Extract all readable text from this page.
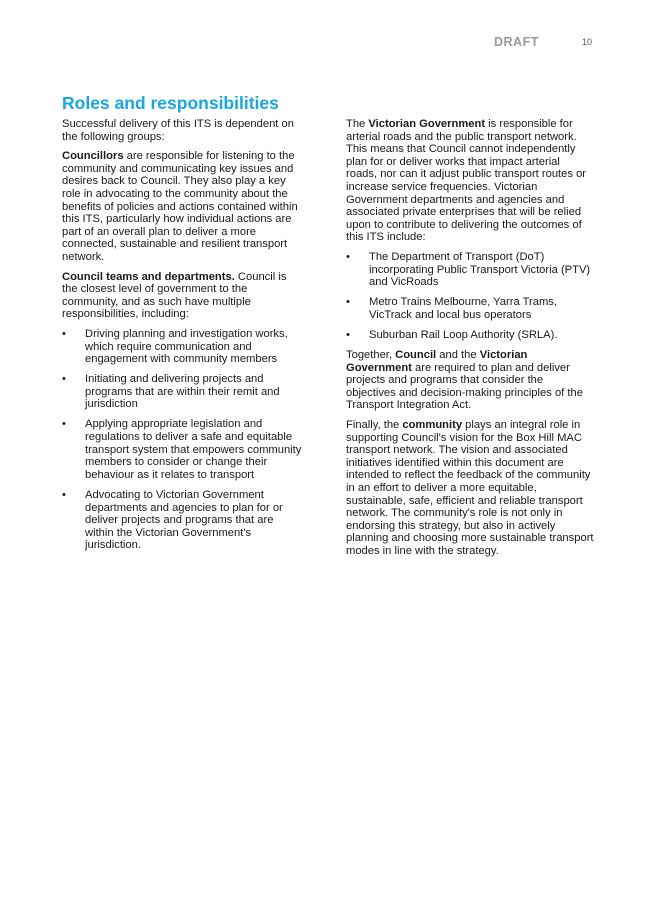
DRAFT	10
Roles and responsibilities

Successful delivery of this ITS is dependent on the following groups:

Councillors are responsible for listening to the community and communicating key issues and desires back to Council. They also play a key role in advocating to the community about the benefits of policies and actions contained within this ITS, particularly how individual actions are part of an overall plan to deliver a more connected, sustainable and resilient transport network.

Council teams and departments. Council is the closest level of government to the community, and as such have multiple responsibilities, including:

• Driving planning and investigation works, which require communication and engagement with community members
• Initiating and delivering projects and programs that are within their remit and jurisdiction
• Applying appropriate legislation and regulations to deliver a safe and equitable transport system that empowers community members to consider or change their behaviour as it relates to transport
• Advocating to Victorian Government departments and agencies to plan for or deliver projects and programs that are within the Victorian Government's jurisdiction.

The Victorian Government is responsible for arterial roads and the public transport network. This means that Council cannot independently plan for or deliver works that impact arterial roads, nor can it adjust public transport routes or increase service frequencies. Victorian Government departments and agencies and associated private enterprises that will be relied upon to contribute to delivering the outcomes of this ITS include:

• The Department of Transport (DoT) incorporating Public Transport Victoria (PTV) and VicRoads
• Metro Trains Melbourne, Yarra Trams, VicTrack and local bus operators
• Suburban Rail Loop Authority (SRLA).

Together, Council and the Victorian Government are required to plan and deliver projects and programs that consider the objectives and decision-making principles of the Transport Integration Act.

Finally, the community plays an integral role in supporting Council's vision for the Box Hill MAC transport network. The vision and associated initiatives identified within this document are intended to reflect the feedback of the community in an effort to deliver a more equitable, sustainable, safe, efficient and reliable transport network. The community's role is not only in endorsing this strategy, but also in actively planning and choosing more sustainable transport modes in line with the strategy.
